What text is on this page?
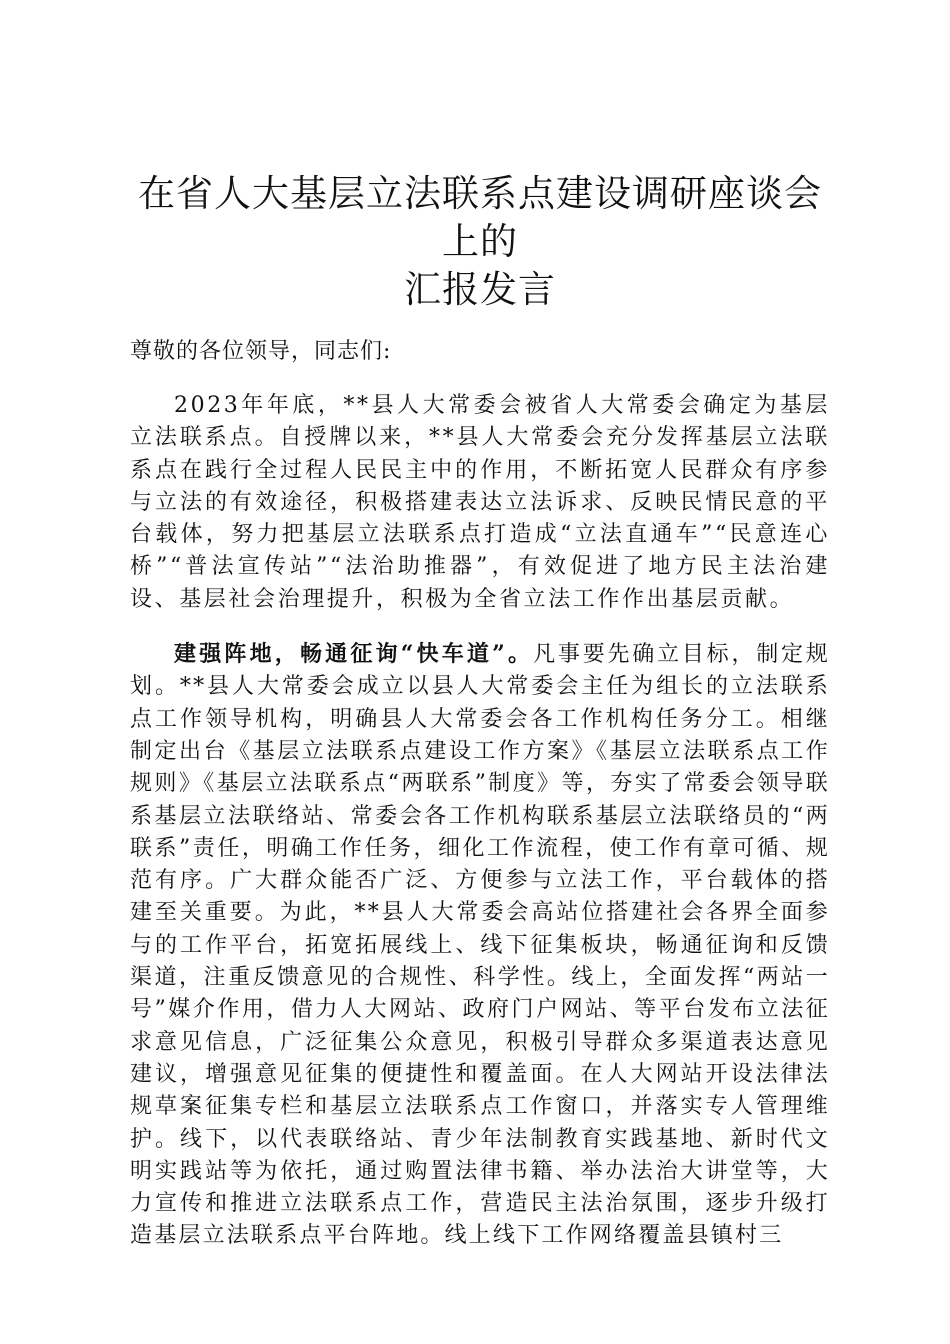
在省人大基层立法联系点建设调研座谈会上的
汇报发言

尊敬的各位领导，同志们:

2023年年底，**县人大常委会被省人大常委会确定为基层立法联系点。自授牌以来，**县人大常委会充分发挥基层立法联系点在践行全过程人民民主中的作用，不断拓宽人民群众有序参与立法的有效途径，积极搭建表达立法诉求、反映民情民意的平台载体，努力把基层立法联系点打造成“立法直通车”“民意连心桥”“普法宣传站”“法治助推器”，有效促进了地方民主法治建设、基层社会治理提升，积极为全省立法工作作出基层贡献。

建强阵地，畅通征询“快车道”。凡事要先确立目标，制定规划。**县人大常委会成立以县人大常委会主任为组长的立法联系点工作领导机构，明确县人大常委会各工作机构任务分工。相继制定出台《基层立法联系点建设工作方案》《基层立法联系点工作规则》《基层立法联系点“两联系”制度》等，夯实了常委会领导联系基层立法联络站、常委会各工作机构联系基层立法联络员的“两联系”责任，明确工作任务，细化工作流程，使工作有章可循、规范有序。广大群众能否广泛、方便参与立法工作，平台载体的搭建至关重要。为此，**县人大常委会高站位搭建社会各界全面参与的工作平台，拓宽拓展线上、线下征集板块，畅通征询和反馈渠道，注重反馈意见的合规性、科学性。线上，全面发挥“两站一号”媒介作用，借力人大网站、政府门户网站、等平台发布立法征求意见信息，广泛征集公众意见，积极引导群众多渠道表达意见建议，增强意见征集的便捷性和覆盖面。在人大网站开设法律法规草案征集专栏和基层立法联系点工作窗口，并落实专人管理维护。线下，以代表联络站、青少年法制教育实践基地、新时代文明实践站等为依托，通过购置法律书籍、举办法治大讲堂等，大力宣传和推进立法联系点工作，营造民主法治氛围，逐步升级打造基层立法联系点平台阵地。线上线下工作网络覆盖县镇村三
